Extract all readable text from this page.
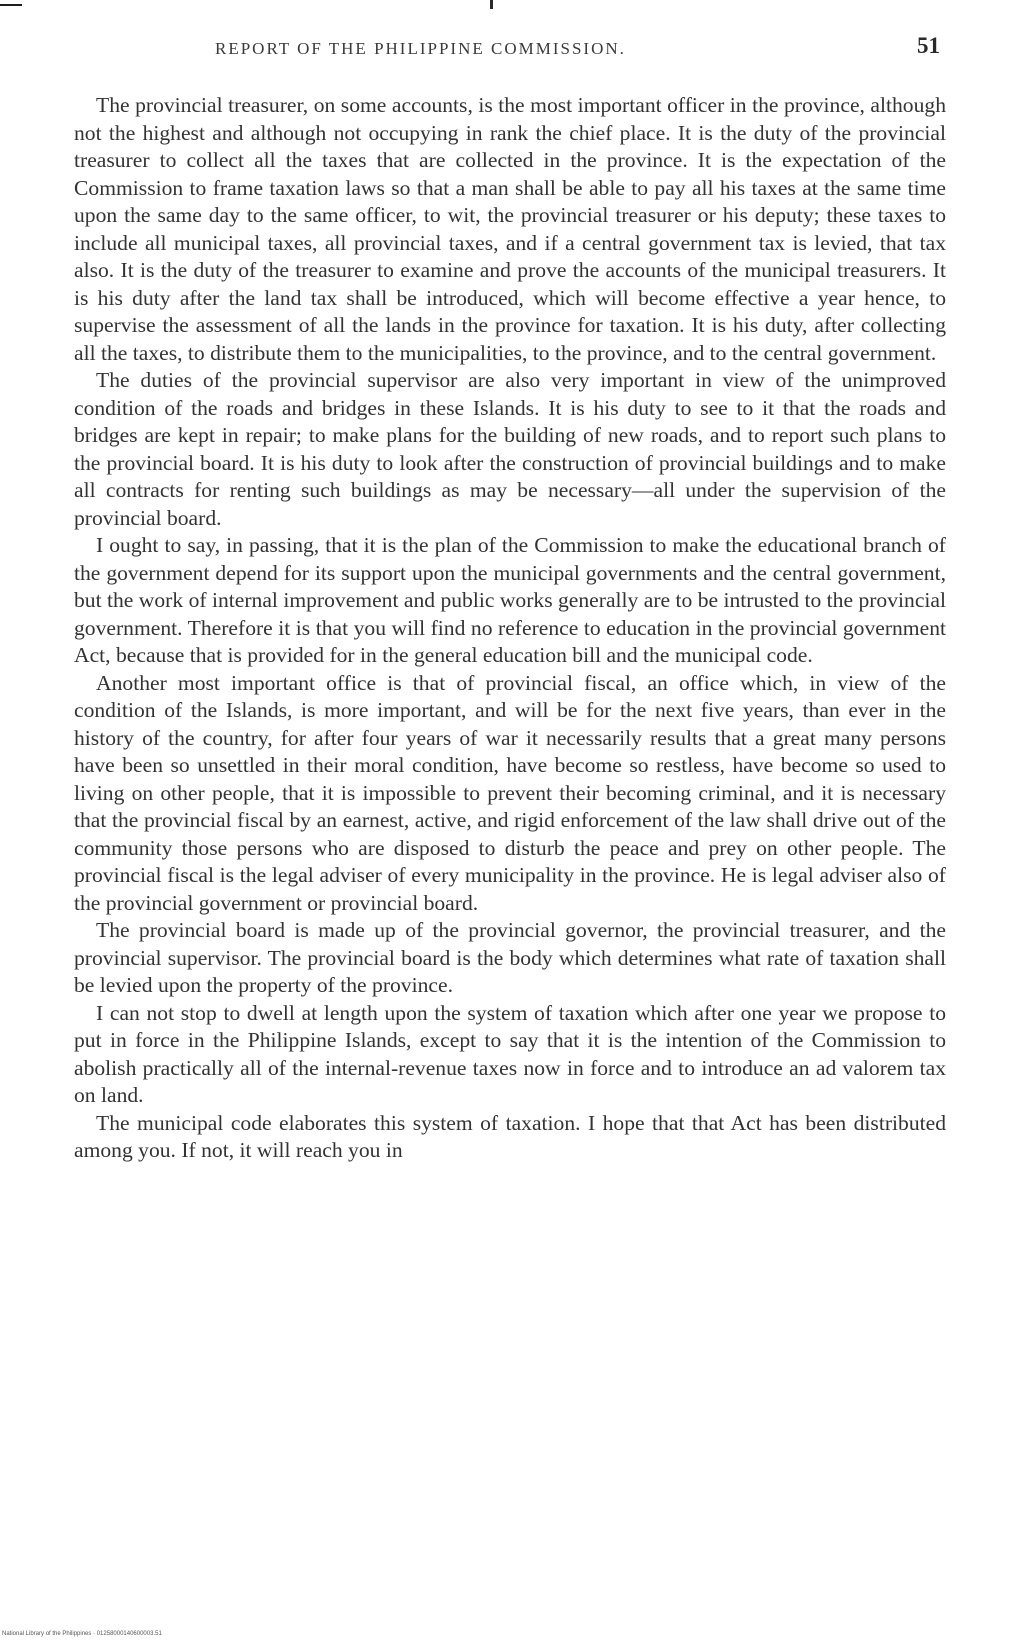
REPORT OF THE PHILIPPINE COMMISSION.	51

The provincial treasurer, on some accounts, is the most important officer in the province, although not the highest and although not occupying in rank the chief place. It is the duty of the provincial treasurer to collect all the taxes that are collected in the province. It is the expectation of the Commission to frame taxation laws so that a man shall be able to pay all his taxes at the same time upon the same day to the same officer, to wit, the provincial treasurer or his deputy; these taxes to include all municipal taxes, all provincial taxes, and if a central government tax is levied, that tax also. It is the duty of the treasurer to examine and prove the accounts of the municipal treasurers. It is his duty after the land tax shall be introduced, which will become effective a year hence, to supervise the assessment of all the lands in the province for taxation. It is his duty, after collecting all the taxes, to distribute them to the municipalities, to the province, and to the central government.

The duties of the provincial supervisor are also very important in view of the unimproved condition of the roads and bridges in these Islands. It is his duty to see to it that the roads and bridges are kept in repair; to make plans for the building of new roads, and to report such plans to the provincial board. It is his duty to look after the construction of provincial buildings and to make all contracts for renting such buildings as may be necessary—all under the supervision of the provincial board.

I ought to say, in passing, that it is the plan of the Commission to make the educational branch of the government depend for its support upon the municipal governments and the central government, but the work of internal improvement and public works generally are to be intrusted to the provincial government. Therefore it is that you will find no reference to education in the provincial government Act, because that is provided for in the general education bill and the municipal code.

Another most important office is that of provincial fiscal, an office which, in view of the condition of the Islands, is more important, and will be for the next five years, than ever in the history of the country, for after four years of war it necessarily results that a great many persons have been so unsettled in their moral condition, have become so restless, have become so used to living on other people, that it is impossible to prevent their becoming criminal, and it is necessary that the provincial fiscal by an earnest, active, and rigid enforcement of the law shall drive out of the community those persons who are disposed to disturb the peace and prey on other people. The provincial fiscal is the legal adviser of every municipality in the province. He is legal adviser also of the provincial government or provincial board.

The provincial board is made up of the provincial governor, the provincial treasurer, and the provincial supervisor. The provincial board is the body which determines what rate of taxation shall be levied upon the property of the province.

I can not stop to dwell at length upon the system of taxation which after one year we propose to put in force in the Philippine Islands, except to say that it is the intention of the Commission to abolish practically all of the internal-revenue taxes now in force and to introduce an ad valorem tax on land.

The municipal code elaborates this system of taxation. I hope that that Act has been distributed among you. If not, it will reach you in

National Library of the Philippines · 01258000140600003.51
